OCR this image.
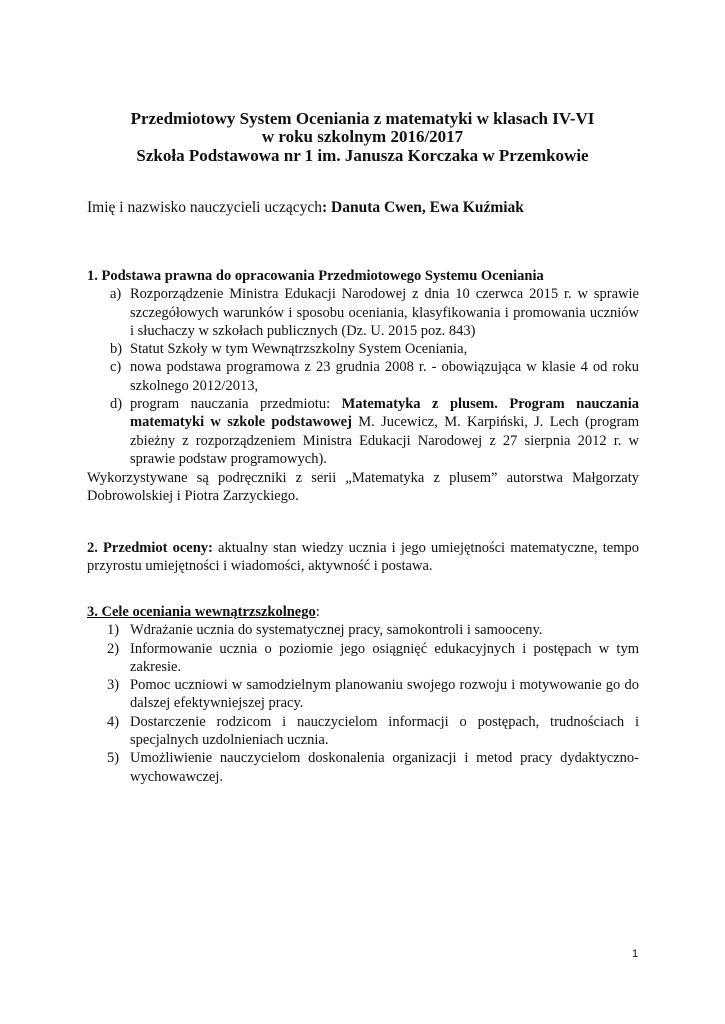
Przedmiotowy System Oceniania z matematyki w klasach IV-VI
w roku szkolnym 2016/2017
Szkoła Podstawowa nr 1 im. Janusza Korczaka w Przemkowie
Imię i nazwisko nauczycieli uczących: Danuta Cwen, Ewa Kuźmiak
1. Podstawa prawna do opracowania Przedmiotowego Systemu Oceniania
a) Rozporządzenie Ministra Edukacji Narodowej z dnia 10 czerwca 2015 r. w sprawie szczegółowych warunków i sposobu oceniania, klasyfikowania i promowania uczniów i słuchaczy w szkołach publicznych (Dz. U. 2015 poz. 843)
b) Statut Szkoły w tym Wewnątrzszkolny System Oceniania,
c) nowa podstawa programowa z 23 grudnia 2008 r. - obowiązująca w klasie 4 od roku szkolnego 2012/2013,
d) program nauczania przedmiotu: Matematyka z plusem. Program nauczania matematyki w szkole podstawowej M. Jucewicz, M. Karpiński, J. Lech (program zbieżny z rozporządzeniem Ministra Edukacji Narodowej z 27 sierpnia 2012 r. w sprawie podstaw programowych).
Wykorzystywane są podręczniki z serii „Matematyka z plusem” autorstwa Małgorzaty Dobrowolskiej i Piotra Zarzyckiego.
2. Przedmiot oceny: aktualny stan wiedzy ucznia i jego umiejętności matematyczne, tempo przyrostu umiejętności i wiadomości, aktywność i postawa.
3. Cele oceniania wewnątrzszkolnego:
1) Wdrażanie ucznia do systematycznej pracy, samokontroli i samooceny.
2) Informowanie ucznia o poziomie jego osiągnięć edukacyjnych i postępach w tym zakresie.
3) Pomoc uczniowi w samodzielnym planowaniu swojego rozwoju i motywowanie go do dalszej efektywniejszej pracy.
4) Dostarczenie rodzicom i nauczycielom informacji o postępach, trudnościach i specjalnych uzdolnieniach ucznia.
5) Umożliwienie nauczycielom doskonalenia organizacji i metod pracy dydaktyczno-wychowawczej.
1
